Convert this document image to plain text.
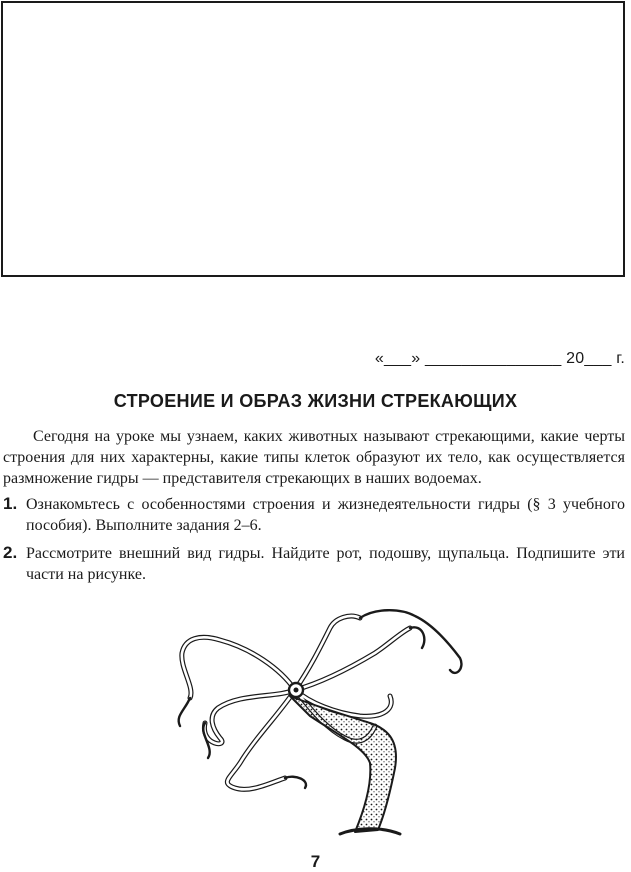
«___» _______________ 20___ г.
СТРОЕНИЕ И ОБРАЗ ЖИЗНИ СТРЕКАЮЩИХ

Сегодня на уроке мы узнаем, каких животных называют стрекающими, какие черты строения для них характерны, какие типы клеток образуют их тело, как осуществляется размножение гидры — представителя стрекающих в наших водоемах.

1. Ознакомьтесь с особенностями строения и жизнедеятельности гидры (§ 3 учебного пособия). Выполните задания 2–6.

2. Рассмотрите внешний вид гидры. Найдите рот, подошву, щупальца. Подпишите эти части на рисунке.

7
